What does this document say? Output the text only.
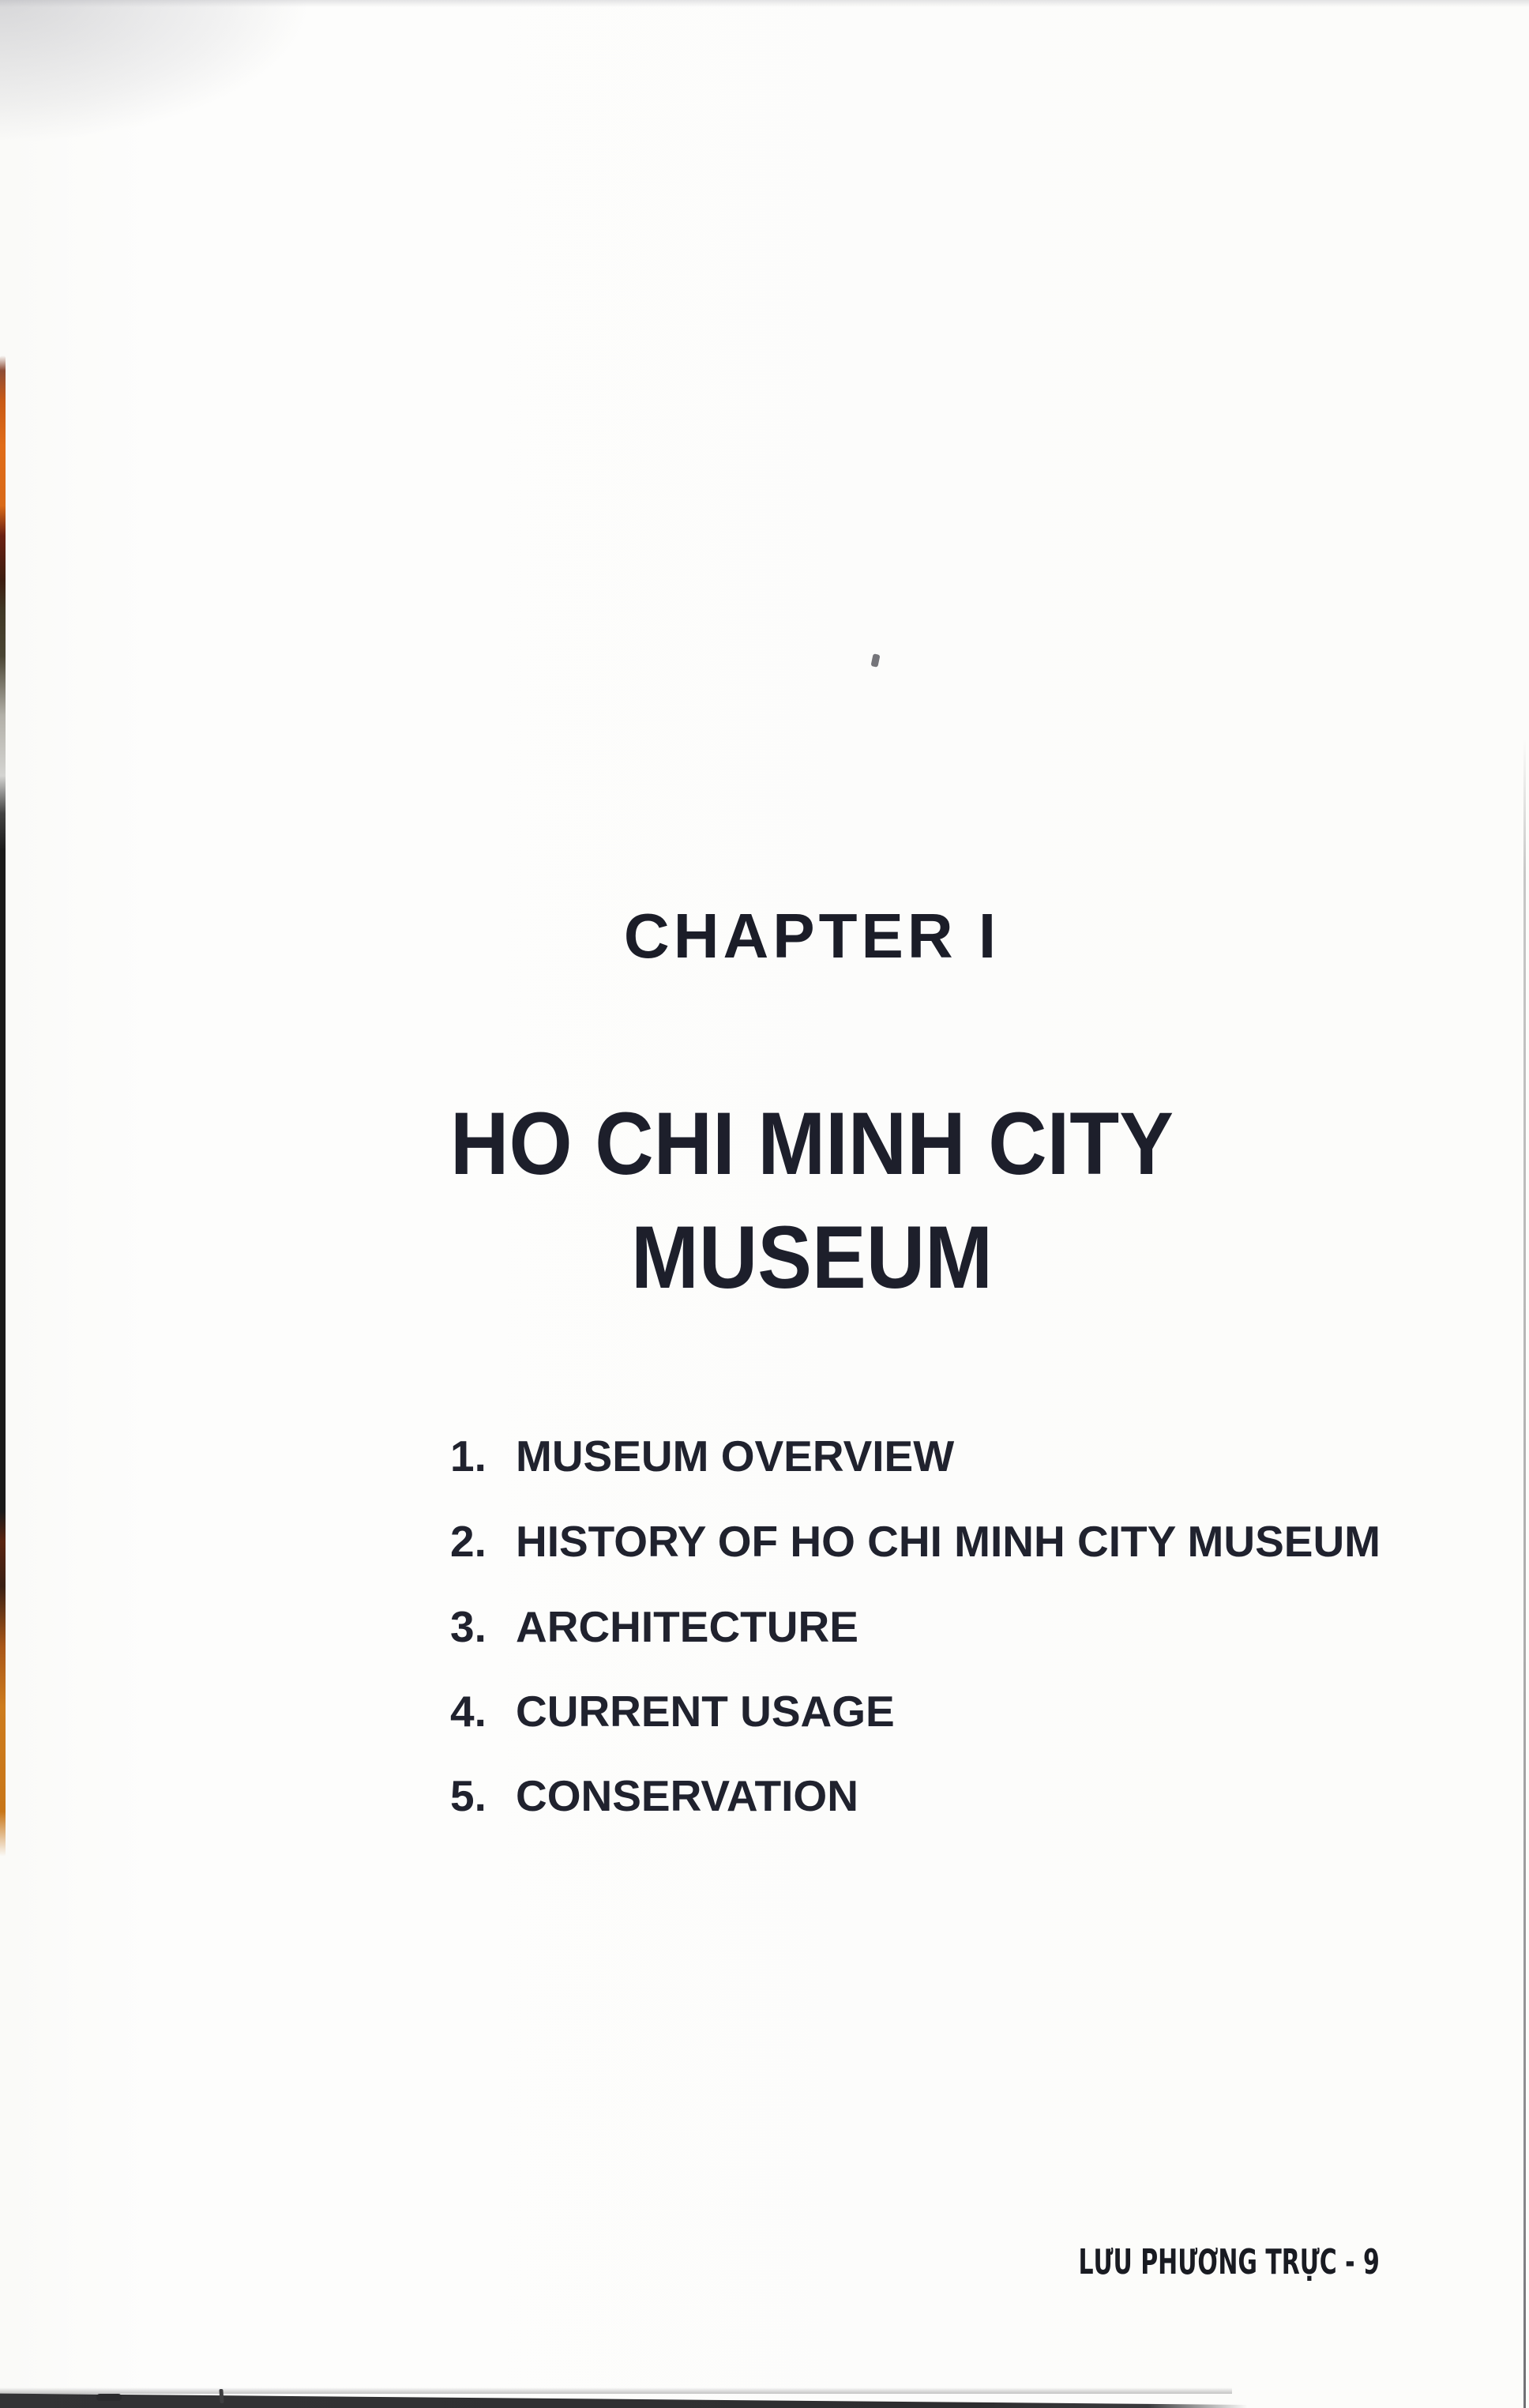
CHAPTER I
HO CHI MINH CITY
MUSEUM
1. MUSEUM OVERVIEW
2. HISTORY OF HO CHI MINH CITY MUSEUM
3. ARCHITECTURE
4. CURRENT USAGE
5. CONSERVATION
LƯU PHƯƠNG TRỰC - 9
